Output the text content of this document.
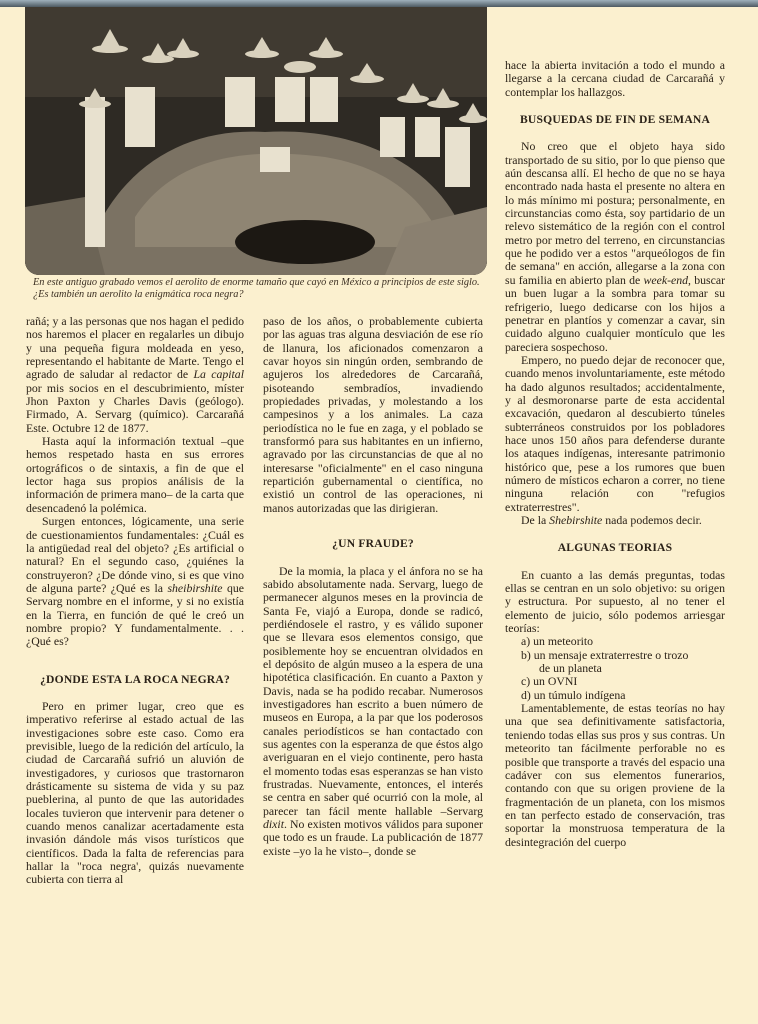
En este antiguo grabado vemos el aerolito de enorme tamaño que cayó en México a principios de este siglo. ¿Es también un aerolito la enigmática roca negra?

rañá; y a las personas que nos hagan el pedido nos haremos el placer en regalarles un dibujo y una pequeña figura moldeada en yeso, representando el habitante de Marte. Tengo el agrado de saludar al redactor de La capital por mis socios en el descubrimiento, míster Jhon Paxton y Charles Davis (geólogo). Firmado, A. Servarg (químico). Carcarañá Este. Octubre 12 de 1877.

Hasta aquí la información textual –que hemos respetado hasta en sus errores ortográficos o de sintaxis, a fin de que el lector haga sus propios análisis de la información de primera mano– de la carta que desencadenó la polémica.

Surgen entonces, lógicamente, una serie de cuestionamientos fundamentales: ¿Cuál es la antigüedad real del objeto? ¿Es artificial o natural? En el segundo caso, ¿quiénes la construyeron? ¿De dónde vino, si es que vino de alguna parte? ¿Qué es la sheibirshite que Servarg nombre en el informe, y si no existía en la Tierra, en función de qué le creó un nombre propio? Y fundamentalmente. . . ¿Qué es?

¿DONDE ESTA LA ROCA NEGRA?

Pero en primer lugar, creo que es imperativo referirse al estado actual de las investigaciones sobre este caso. Como era previsible, luego de la redición del artículo, la ciudad de Carcarañá sufrió un aluvión de investigadores, y curiosos que trastornaron drásticamente su sistema de vida y su paz pueblerina, al punto de que las autoridades locales tuvieron que intervenir para detener o cuando menos canalizar acertadamente esta invasión dándole más visos turísticos que científicos. Dada la falta de referencias para hallar la "roca negra', quizás nuevamente cubierta con tierra al

paso de los años, o probablemente cubierta por las aguas tras alguna desviación de ese río de llanura, los aficionados comenzaron a cavar hoyos sin ningún orden, sembrando de agujeros los alrededores de Carcarañá, pisoteando sembradíos, invadiendo propiedades privadas, y molestando a los campesinos y a los animales. La caza periodística no le fue en zaga, y el poblado se transformó para sus habitantes en un infierno, agravado por las circunstancias de que al no interesarse "oficialmente" en el caso ninguna repartición gubernamental o científica, no existió un control de las operaciones, ni manos autorizadas que las dirigieran.

¿UN FRAUDE?

De la momia, la placa y el ánfora no se ha sabido absolutamente nada. Servarg, luego de permanecer algunos meses en la provincia de Santa Fe, viajó a Europa, donde se radicó, perdiéndosele el rastro, y es válido suponer que se llevara esos elementos consigo, que posiblemente hoy se encuentran olvidados en el depósito de algún museo a la espera de una hipotética clasificación. En cuanto a Paxton y Davis, nada se ha podido recabar. Numerosos investigadores han escrito a buen número de museos en Europa, a la par que los poderosos canales periodísticos se han contactado con sus agentes con la esperanza de que éstos algo averiguaran en el viejo continente, pero hasta el momento todas esas esperanzas se han visto frustradas. Nuevamente, entonces, el interés se centra en saber qué ocurrió con la mole, al parecer tan fácil mente hallable –Servarg dixit. No existen motivos válidos para suponer que todo es un fraude. La publicación de 1877 existe –yo la he visto–, donde se

hace la abierta invitación a todo el mundo a llegarse a la cercana ciudad de Carcarañá y contemplar los hallazgos.

BUSQUEDAS DE FIN DE SEMANA

No creo que el objeto haya sido transportado de su sitio, por lo que pienso que aún descansa allí. El hecho de que no se haya encontrado nada hasta el presente no altera en lo más mínimo mi postura; personalmente, en circunstancias como ésta, soy partidario de un relevo sistemático de la región con el control metro por metro del terreno, en circunstancias que he podido ver a estos "arqueólogos de fin de semana" en acción, allegarse a la zona con su familia en abierto plan de week-end, buscar un buen lugar a la sombra para tomar su refrigerio, luego dedicarse con los hijos a penetrar en plantíos y comenzar a cavar, sin cuidado alguno cualquier montículo que les pareciera sospechoso.

Empero, no puedo dejar de reconocer que, cuando menos involuntariamente, este método ha dado algunos resultados; accidentalmente, y al desmoronarse parte de esta accidental excavación, quedaron al descubierto túneles subterráneos construidos por los pobladores hace unos 150 años para defenderse durante los ataques indígenas, interesante patrimonio histórico que, pese a los rumores que buen número de místicos echaron a correr, no tiene ninguna relación con "refugios extraterrestres".

De la Shebirshite nada podemos decir.

ALGUNAS TEORIAS

En cuanto a las demás preguntas, todas ellas se centran en un solo objetivo: su origen y estructura. Por supuesto, al no tener el elemento de juicio, sólo podemos arriesgar teorías:

a) un meteorito
b) un mensaje extraterrestre o trozo
de un planeta
c) un OVNI
d) un túmulo indígena

Lamentablemente, de estas teorías no hay una que sea definitivamente satisfactoria, teniendo todas ellas sus pros y sus contras. Un meteorito tan fácilmente perforable no es posible que transporte a través del espacio una cadáver con sus elementos funerarios, contando con que su origen proviene de la fragmentación de un planeta, con los mismos en tan perfecto estado de conservación, tras soportar la monstruosa temperatura de la desintegración del cuerpo
